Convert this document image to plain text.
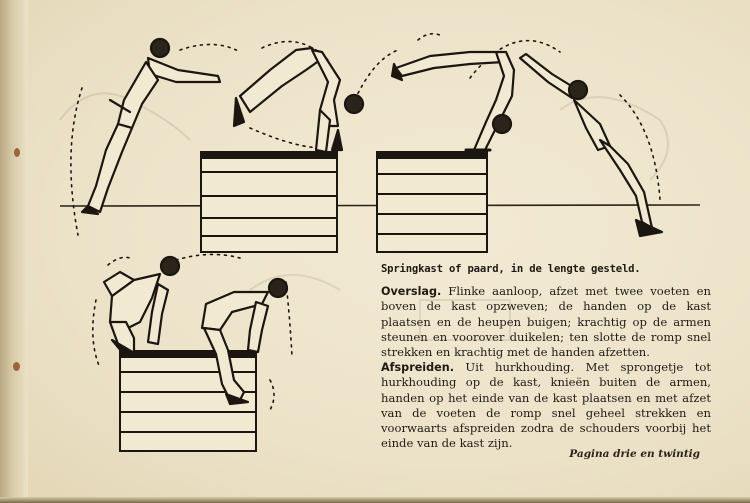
Springkast of paard, in de lengte gesteld.

Overslag. Flinke aanloop, afzet met twee voeten en boven de kast opzweven; de handen op de kast plaatsen en de heupen buigen; krachtig op de armen steunen en voorover duikelen; ten slotte de romp snel strekken en krachtig met de handen afzetten.

Afspreiden. Uit hurkhouding. Met sprongetje tot hurkhouding op de kast, knieën buiten de armen, handen op het einde van de kast plaatsen en met afzet van de voeten de romp snel geheel strekken en voorwaarts afspreiden zodra de schouders voorbij het einde van de kast zijn.

Pagina drie en twintig
